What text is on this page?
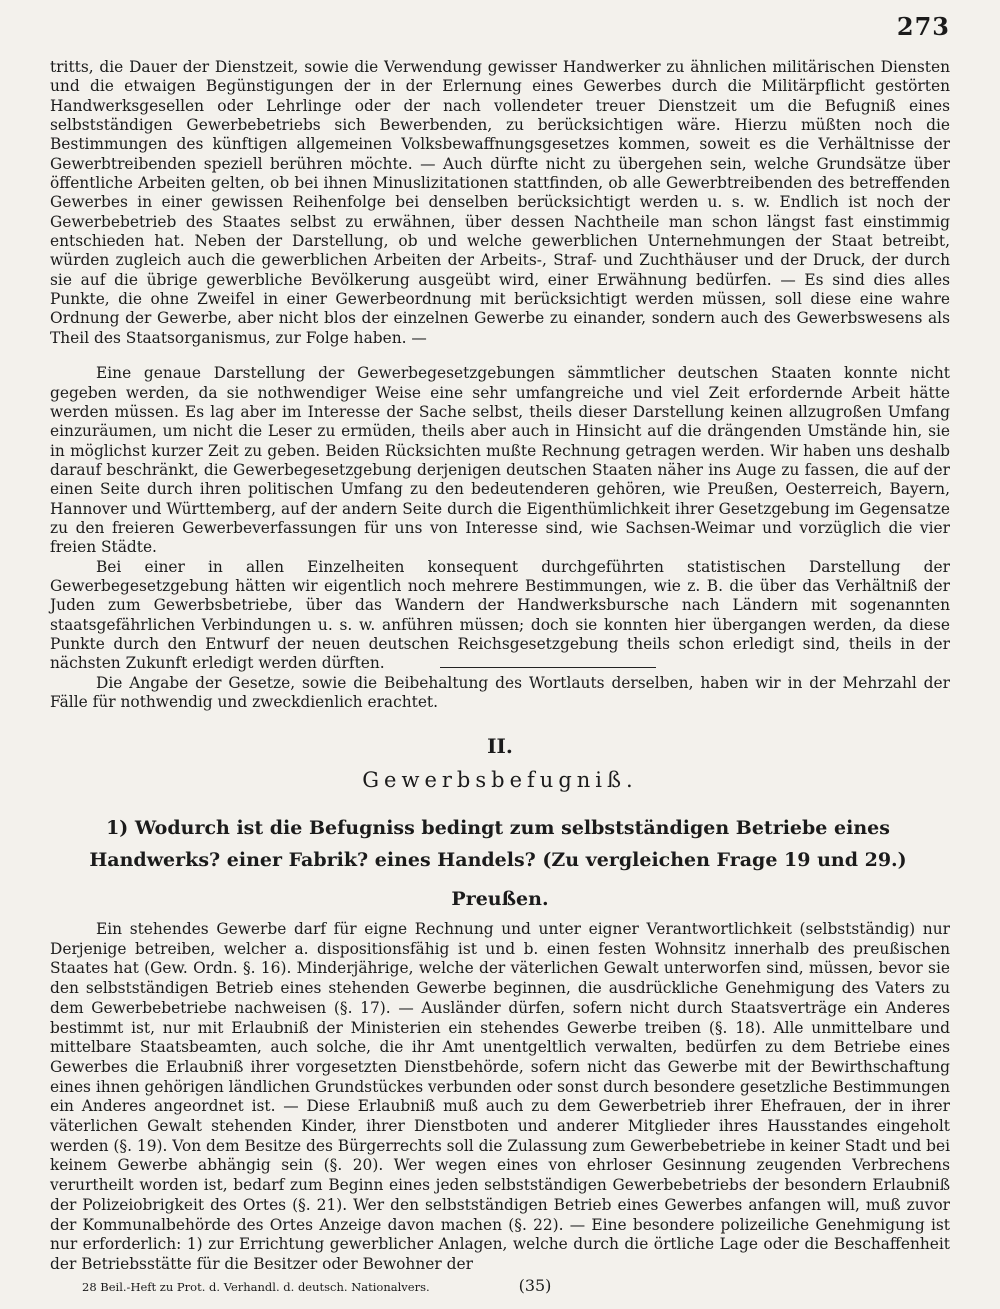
273

tritts, die Dauer der Dienstzeit, sowie die Verwendung gewisser Handwerker zu ähnlichen militärischen Diensten und die etwaigen Begünstigungen der in der Erlernung eines Gewerbes durch die Militärpflicht gestörten Handwerksgesellen oder Lehrlinge oder der nach vollendeter treuer Dienstzeit um die Befugniß eines selbstständigen Gewerbebetriebs sich Bewerbenden, zu berücksichtigen wäre. Hierzu müßten noch die Bestimmungen des künftigen allgemeinen Volksbewaffnungsgesetzes kommen, soweit es die Verhältnisse der Gewerbtreibenden speziell berühren möchte. — Auch dürfte nicht zu übergehen sein, welche Grundsätze über öffentliche Arbeiten gelten, ob bei ihnen Minuslizitationen stattfinden, ob alle Gewerbtreibenden des betreffenden Gewerbes in einer gewissen Reihenfolge bei denselben berücksichtigt werden u. s. w. Endlich ist noch der Gewerbebetrieb des Staates selbst zu erwähnen, über dessen Nachtheile man schon längst fast einstimmig entschieden hat. Neben der Darstellung, ob und welche gewerblichen Unternehmungen der Staat betreibt, würden zugleich auch die gewerblichen Arbeiten der Arbeits-, Straf- und Zuchthäuser und der Druck, der durch sie auf die übrige gewerbliche Bevölkerung ausgeübt wird, einer Erwähnung bedürfen. — Es sind dies alles Punkte, die ohne Zweifel in einer Gewerbeordnung mit berücksichtigt werden müssen, soll diese eine wahre Ordnung der Gewerbe, aber nicht blos der einzelnen Gewerbe zu einander, sondern auch des Gewerbswesens als Theil des Staatsorganismus, zur Folge haben. —

Eine genaue Darstellung der Gewerbegesetzgebungen sämmtlicher deutschen Staaten konnte nicht gegeben werden, da sie nothwendiger Weise eine sehr umfangreiche und viel Zeit erfordernde Arbeit hätte werden müssen. Es lag aber im Interesse der Sache selbst, theils dieser Darstellung keinen allzugroßen Umfang einzuräumen, um nicht die Leser zu ermüden, theils aber auch in Hinsicht auf die drängenden Umstände hin, sie in möglichst kurzer Zeit zu geben. Beiden Rücksichten mußte Rechnung getragen werden. Wir haben uns deshalb darauf beschränkt, die Gewerbegesetzgebung derjenigen deutschen Staaten näher ins Auge zu fassen, die auf der einen Seite durch ihren politischen Umfang zu den bedeutenderen gehören, wie Preußen, Oesterreich, Bayern, Hannover und Württemberg, auf der andern Seite durch die Eigenthümlichkeit ihrer Gesetzgebung im Gegensatze zu den freieren Gewerbeverfassungen für uns von Interesse sind, wie Sachsen-Weimar und vorzüglich die vier freien Städte.

Bei einer in allen Einzelheiten konsequent durchgeführten statistischen Darstellung der Gewerbegesetzgebung hätten wir eigentlich noch mehrere Bestimmungen, wie z. B. die über das Verhältniß der Juden zum Gewerbsbetriebe, über das Wandern der Handwerksbursche nach Ländern mit sogenannten staatsgefährlichen Verbindungen u. s. w. anführen müssen; doch sie konnten hier übergangen werden, da diese Punkte durch den Entwurf der neuen deutschen Reichsgesetzgebung theils schon erledigt sind, theils in der nächsten Zukunft erledigt werden dürften.

Die Angabe der Gesetze, sowie die Beibehaltung des Wortlauts derselben, haben wir in der Mehrzahl der Fälle für nothwendig und zweckdienlich erachtet.

II.
Gewerbsbefugniß.
1) Wodurch ist die Befugniss bedingt zum selbstständigen Betriebe eines Handwerks? einer Fabrik? eines Handels? (Zu vergleichen Frage 19 und 29.)
Preußen.

Ein stehendes Gewerbe darf für eigne Rechnung und unter eigner Verantwortlichkeit (selbstständig) nur Derjenige betreiben, welcher a. dispositionsfähig ist und b. einen festen Wohnsitz innerhalb des preußischen Staates hat (Gew. Ordn. §. 16). Minderjährige, welche der väterlichen Gewalt unterworfen sind, müssen, bevor sie den selbstständigen Betrieb eines stehenden Gewerbe beginnen, die ausdrückliche Genehmigung des Vaters zu dem Gewerbebetriebe nachweisen (§. 17). — Ausländer dürfen, sofern nicht durch Staatsverträge ein Anderes bestimmt ist, nur mit Erlaubniß der Ministerien ein stehendes Gewerbe treiben (§. 18). Alle unmittelbare und mittelbare Staatsbeamten, auch solche, die ihr Amt unentgeltlich verwalten, bedürfen zu dem Betriebe eines Gewerbes die Erlaubniß ihrer vorgesetzten Dienstbehörde, sofern nicht das Gewerbe mit der Bewirthschaftung eines ihnen gehörigen ländlichen Grundstückes verbunden oder sonst durch besondere gesetzliche Bestimmungen ein Anderes angeordnet ist. — Diese Erlaubniß muß auch zu dem Gewerbetrieb ihrer Ehefrauen, der in ihrer väterlichen Gewalt stehenden Kinder, ihrer Dienstboten und anderer Mitglieder ihres Hausstandes eingeholt werden (§. 19). Von dem Besitze des Bürgerrechts soll die Zulassung zum Gewerbebetriebe in keiner Stadt und bei keinem Gewerbe abhängig sein (§. 20). Wer wegen eines von ehrloser Gesinnung zeugenden Verbrechens verurtheilt worden ist, bedarf zum Beginn eines jeden selbstständigen Gewerbebetriebs der besondern Erlaubniß der Polizeiobrigkeit des Ortes (§. 21). Wer den selbstständigen Betrieb eines Gewerbes anfangen will, muß zuvor der Kommunalbehörde des Ortes Anzeige davon machen (§. 22). — Eine besondere polizeiliche Genehmigung ist nur erforderlich: 1) zur Errichtung gewerblicher Anlagen, welche durch die örtliche Lage oder die Beschaffenheit der Betriebsstätte für die Besitzer oder Bewohner der

28 Beil.-Heft zu Prot. d. Verhandl. d. deutsch. Nationalvers.	(35)
